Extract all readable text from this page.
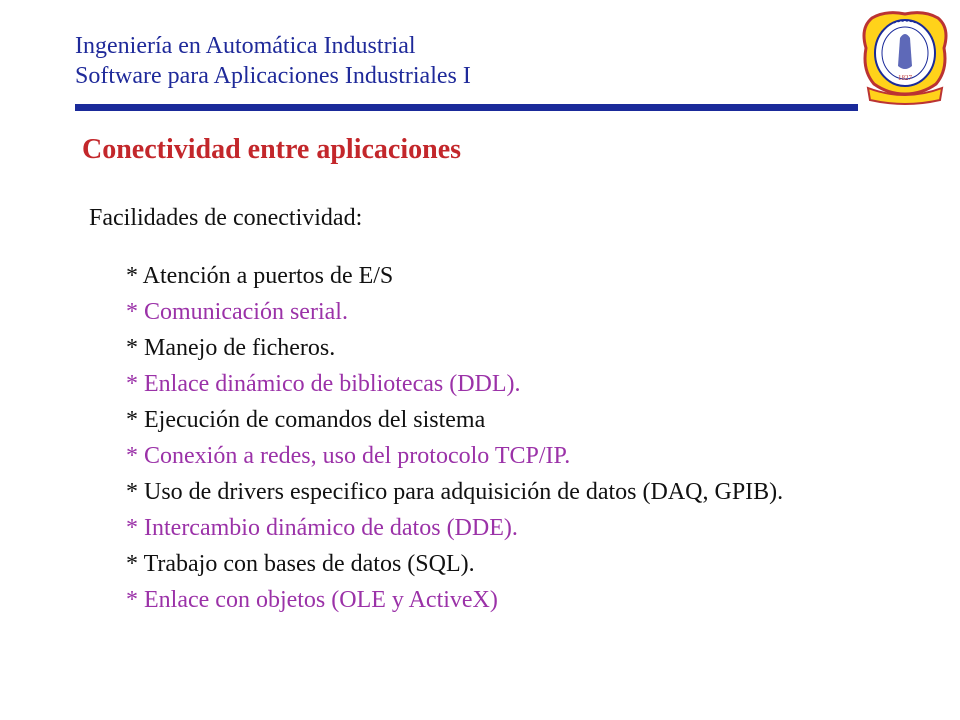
Ingeniería en Automática Industrial
Software para Aplicaciones Industriales I	1827
Conectividad entre aplicaciones
Facilidades de conectividad:
* Atención a puertos de E/S
* Comunicación serial.
* Manejo de ficheros.
* Enlace dinámico de bibliotecas (DDL).
* Ejecución de comandos del sistema
* Conexión a redes, uso del protocolo TCP/IP.
* Uso de drivers especifico para adquisición de datos (DAQ, GPIB).
* Intercambio dinámico de datos (DDE).
* Trabajo con bases de datos (SQL).
* Enlace con objetos (OLE y ActiveX)
